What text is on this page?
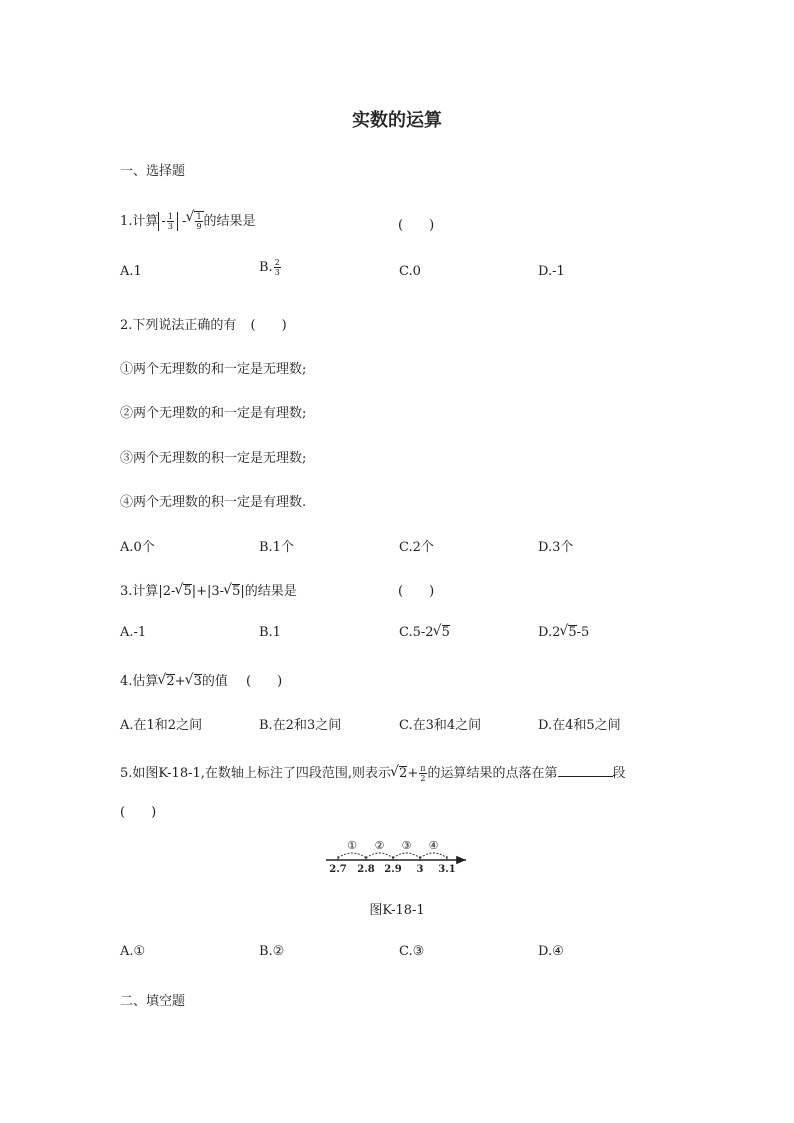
实数的运算
一、选择题
1.计算 - $\frac{1}{3}$ - √ $\frac{1}{9}$ 的结果是	(　　)
A.1	B. $\frac{2}{3}$	C.0	D.-1
2.下列说法正确的有 (　　)
①两个无理数的和一定是无理数;
②两个无理数的和一定是有理数;
③两个无理数的积一定是无理数;
④两个无理数的积一定是有理数.
A.0个	B.1个	C.2个	D.3个
3.计算|2- √ 5|+|3- √ 5|的结果是	(　　)
A.-1	B.1	C.5-2 √ 5	D.2 √ 5-5
4.估算 √ 2+ √ 3的值 (　　)
A.在1和2之间	B.在2和3之间	C.在3和4之间	D.在4和5之间
5.如图K-18-1,在数轴上标注了四段范围,则表示 √ $2+ \frac{\pi}{2}$ 的运算结果的点落在第	段
(　　)
2.7 2.8 2.9 3 3.1
① ② ③ ④
图K-18-1
A.①	B.②	C.③	D.④
二、填空题
